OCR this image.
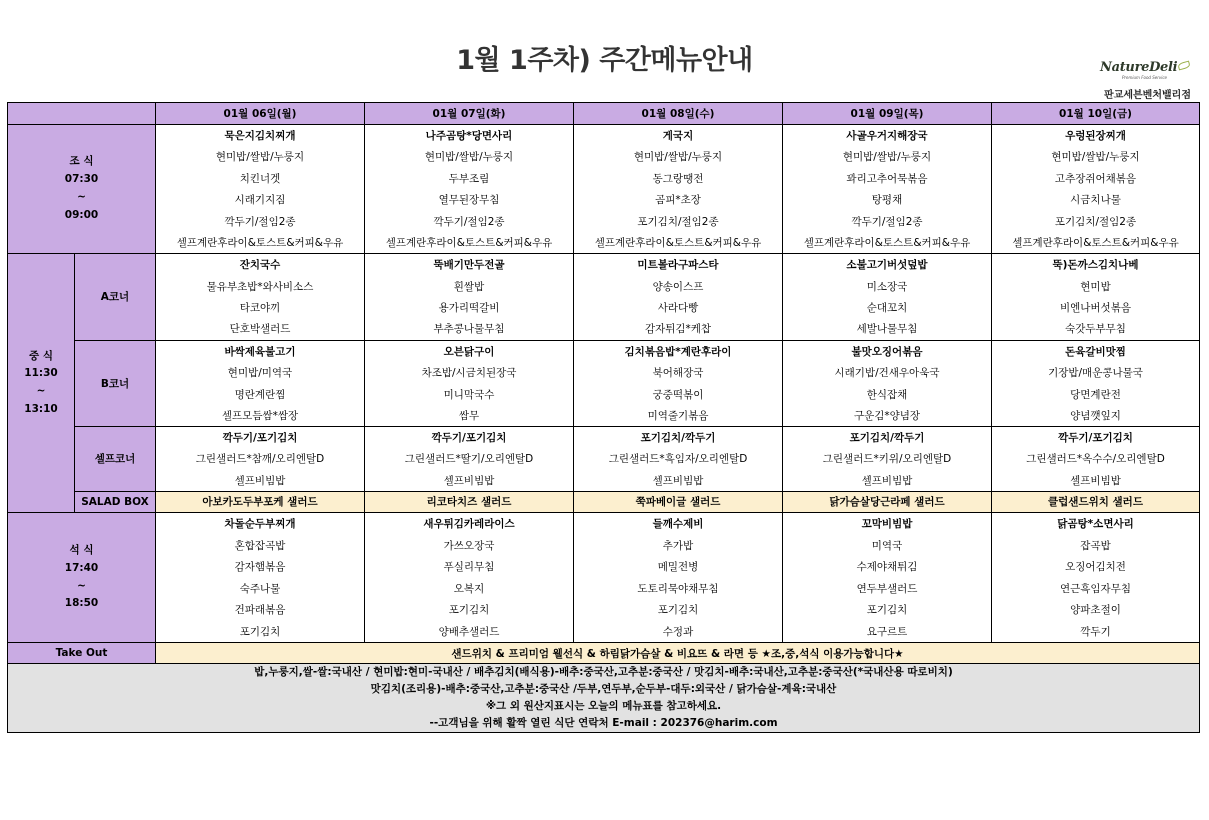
1월 1주차) 주간메뉴안내	NatureDeli
Premium Food Service
판교세븐벤처밸리점
		01월 06일(월)	01월 07일(화)	01월 08일(수)	01월 09일(목)	01월 10일(금)

조 식
07:30
~
09:00		묵은지김치찌개	나주곰탕*당면사리	게국지	사골우거지해장국	우렁된장찌개
		현미밥/쌀밥/누룽지	현미밥/쌀밥/누룽지	현미밥/쌀밥/누룽지	현미밥/쌀밥/누룽지	현미밥/쌀밥/누룽지
		치킨너겟	두부조림	동그랑땡전	꽈리고추어묵볶음	고추장쥐어채볶음
		시래기지짐	열무된장무침	곰피*초장	탕평채	시금치나물
		깍두기/절임2종	깍두기/절임2종	포기김치/절임2종	깍두기/절임2종	포기김치/절임2종
		셀프계란후라이&토스트&커피&우유	셀프계란후라이&토스트&커피&우유	셀프계란후라이&토스트&커피&우유	셀프계란후라이&토스트&커피&우유	셀프계란후라이&토스트&커피&우유

중 식
11:30
~
13:10	A코너	잔치국수	뚝배기만두전골	미트볼라구파스타	소불고기버섯덮밥	뚝)돈까스김치나베
		물유부초밥*와사비소스	흰쌀밥	양송이스프	미소장국	현미밥
		타코야끼	용가리떡갈비	사라다빵	순대꼬치	비엔나버섯볶음
		단호박샐러드	부추콩나물무침	감자튀김*케찹	세발나물무침	숙갓두부무침
	B코너	바싹제육불고기	오븐닭구이	김치볶음밥*계란후라이	불맛오징어볶음	돈육갈비맛찜
		현미밥/미역국	차조밥/시금치된장국	북어해장국	시래기밥/건새우아욱국	기장밥/매운콩나물국
		명란계란찜	미니막국수	궁중떡볶이	한식잡채	당면계란전
		셀프모듬쌈*쌈장	쌈무	미역줄기볶음	구운김*양념장	양념깻잎지
	셀프코너	깍두기/포기김치	깍두기/포기김치	포기김치/깍두기	포기김치/깍두기	깍두기/포기김치
		그린샐러드*참깨/오리엔탈D	그린샐러드*딸기/오리엔탈D	그린샐러드*흑임자/오리엔탈D	그린샐러드*키위/오리엔탈D	그린샐러드*옥수수/오리엔탈D
		셀프비빔밥	셀프비빔밥	셀프비빔밥	셀프비빔밥	셀프비빔밥
	SALAD BOX	아보카도두부포케 샐러드	리코타치즈 샐러드	쭉파베이글 샐러드	닭가슴살당근라페 샐러드	클럽샌드위치 샐러드

석 식
17:40
~
18:50		차돌순두부찌개	새우튀김카레라이스	들깨수제비	꼬막비빔밥	닭곰탕*소면사리
		혼합잡곡밥	가쓰오장국	추가밥	미역국	잡곡밥
		감자햄볶음	푸실리무침	메밀전병	수제야채튀김	오징어김치전
		숙주나물	오복지	도토리묵야채무침	연두부샐러드	연근흑임자무침
		건파래볶음	포기김치	포기김치	포기김치	양파초절이
		포기김치	양배추샐러드	수정과	요구르트	깍두기
Take Out		샌드위치 & 프리미엄 웰선식 & 하림닭가슴살 & 비요뜨 & 라면 등 ★조,중,석식 이용가능합니다★				

밥,누룽지,쌀-쌀:국내산 / 현미밥:현미-국내산 / 배추김치(배식용)-배추:중국산,고추분:중국산 / 맛김치-배추:국내산,고추분:중국산(*국내산용 따로비치)
맛김치(조리용)-배추:중국산,고추분:중국산 /두부,연두부,순두부-대두:외국산 / 닭가슴살-계육:국내산
※그 외 원산지표시는 오늘의 메뉴표를 참고하세요.
--고객님을 위해 활짝 열린 식단 연락처 E-mail : 202376@harim.com						
